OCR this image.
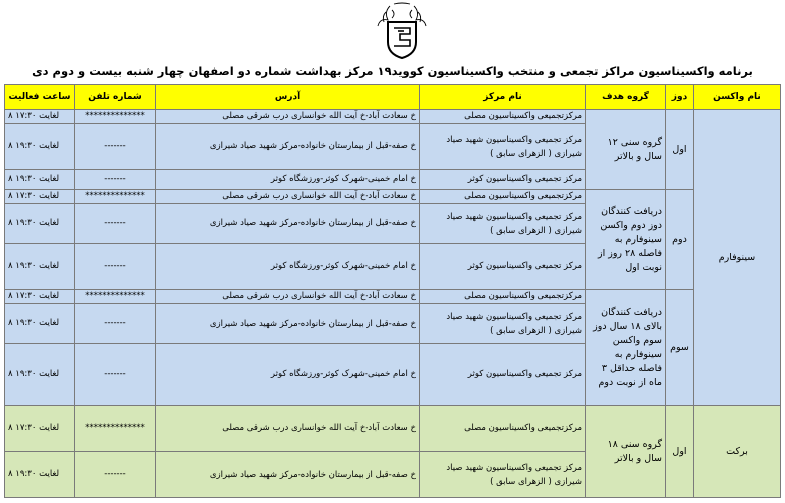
برنامه واکسیناسیون مراکز تجمعی و منتخب واکسیناسیون کووید۱۹ مرکز بهداشت شماره دو اصفهان چهار شنبه بیست و دوم دی
نام واکسن	دوز	گروه هدف	نام مرکز	آدرس	شماره تلفن	ساعت فعالیت
سینوفارم	اول	گروه سنی ۱۲ سال و بالاتر	مرکزتجمیعی واکسیناسیون مصلی	خ سعادت آباد-خ آیت الله خوانساری درب شرقی مصلی	**************	۸ لغایت ۱۷:۳۰
			مرکز تجمیعی واکسیناسیون شهید صیاد شیرازی ( الزهرای سابق )	خ صفه-قبل از بیمارستان خانواده-مرکز شهید صیاد شیرازی	-------	۸ لغایت ۱۹:۳۰
			مرکز تجمیعی واکسیناسیون کوثر	خ امام خمینی-شهرک کوثر-ورزشگاه کوثر	-------	۸ لغایت ۱۹:۳۰
	دوم	دریافت کنندگان دوز دوم واکسن سینوفارم به فاصله ۲۸ روز از نوبت اول	مرکزتجمیعی واکسیناسیون مصلی	خ سعادت آباد-خ آیت الله خوانساری درب شرقی مصلی	**************	۸ لغایت ۱۷:۳۰
			مرکز تجمیعی واکسیناسیون شهید صیاد شیرازی ( الزهرای سابق )	خ صفه-قبل از بیمارستان خانواده-مرکز شهید صیاد شیرازی	-------	۸ لغایت ۱۹:۳۰
			مرکز تجمیعی واکسیناسیون کوثر	خ امام خمینی-شهرک کوثر-ورزشگاه کوثر	-------	۸ لغایت ۱۹:۳۰
	سوم	دریافت کنندگان بالای ۱۸ سال دوز سوم واکسن سینوفارم به فاصله حداقل ۳ ماه از نوبت دوم	مرکزتجمیعی واکسیناسیون مصلی	خ سعادت آباد-خ آیت الله خوانساری درب شرقی مصلی	**************	۸ لغایت ۱۷:۳۰
			مرکز تجمیعی واکسیناسیون شهید صیاد شیرازی ( الزهرای سابق )	خ صفه-قبل از بیمارستان خانواده-مرکز شهید صیاد شیرازی	-------	۸ لغایت ۱۹:۳۰
			مرکز تجمیعی واکسیناسیون کوثر	خ امام خمینی-شهرک کوثر-ورزشگاه کوثر	-------	۸ لغایت ۱۹:۳۰
برکت	اول	گروه سنی ۱۸ سال و بالاتر	مرکزتجمیعی واکسیناسیون مصلی	خ سعادت آباد-خ آیت الله خوانساری درب شرقی مصلی	**************	۸ لغایت ۱۷:۳۰
			مرکز تجمیعی واکسیناسیون شهید صیاد شیرازی ( الزهرای سابق )	خ صفه-قبل از بیمارستان خانواده-مرکز شهید صیاد شیرازی	-------	۸ لغایت ۱۹:۳۰
